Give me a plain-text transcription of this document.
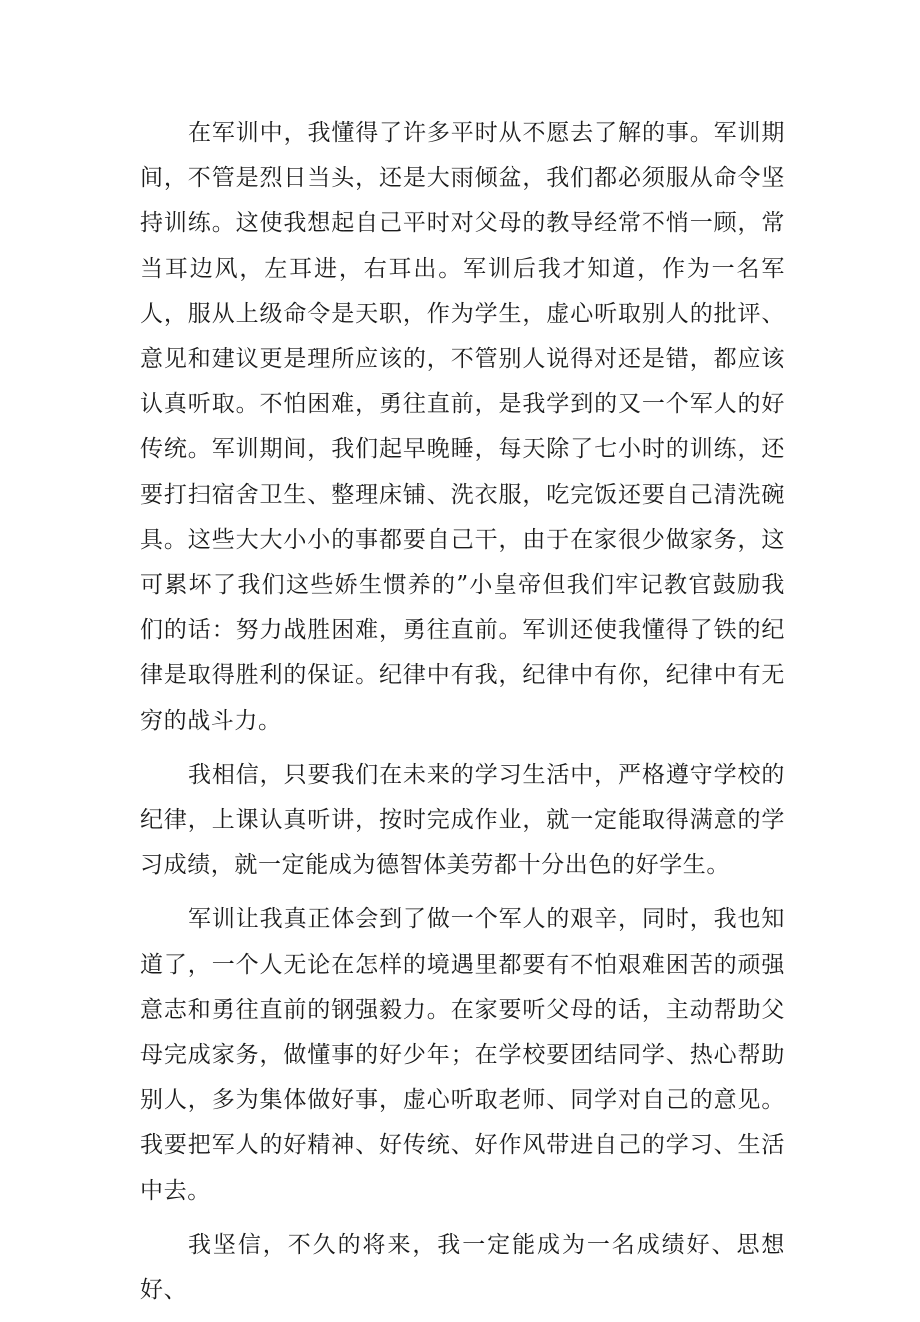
在军训中，我懂得了许多平时从不愿去了解的事。军训期间，不管是烈日当头，还是大雨倾盆，我们都必须服从命令坚持训练。这使我想起自己平时对父母的教导经常不悄一顾，常当耳边风，左耳进，右耳出。军训后我才知道，作为一名军人，服从上级命令是天职，作为学生，虚心听取别人的批评、意见和建议更是理所应该的，不管别人说得对还是错，都应该认真听取。不怕困难，勇往直前，是我学到的又一个军人的好传统。军训期间，我们起早晚睡，每天除了七小时的训练，还要打扫宿舍卫生、整理床铺、洗衣服，吃完饭还要自己清洗碗具。这些大大小小的事都要自己干，由于在家很少做家务，这可累坏了我们这些娇生惯养的”小皇帝但我们牢记教官鼓励我们的话：努力战胜困难，勇往直前。军训还使我懂得了铁的纪律是取得胜利的保证。纪律中有我，纪律中有你，纪律中有无穷的战斗力。

我相信，只要我们在未来的学习生活中，严格遵守学校的纪律，上课认真听讲，按时完成作业，就一定能取得满意的学习成绩，就一定能成为德智体美劳都十分出色的好学生。

军训让我真正体会到了做一个军人的艰辛，同时，我也知道了，一个人无论在怎样的境遇里都要有不怕艰难困苦的顽强意志和勇往直前的钢强毅力。在家要听父母的话，主动帮助父母完成家务，做懂事的好少年；在学校要团结同学、热心帮助别人，多为集体做好事，虚心听取老师、同学对自己的意见。我要把军人的好精神、好传统、好作风带进自己的学习、生活中去。

我坚信，不久的将来，我一定能成为一名成绩好、思想好、
